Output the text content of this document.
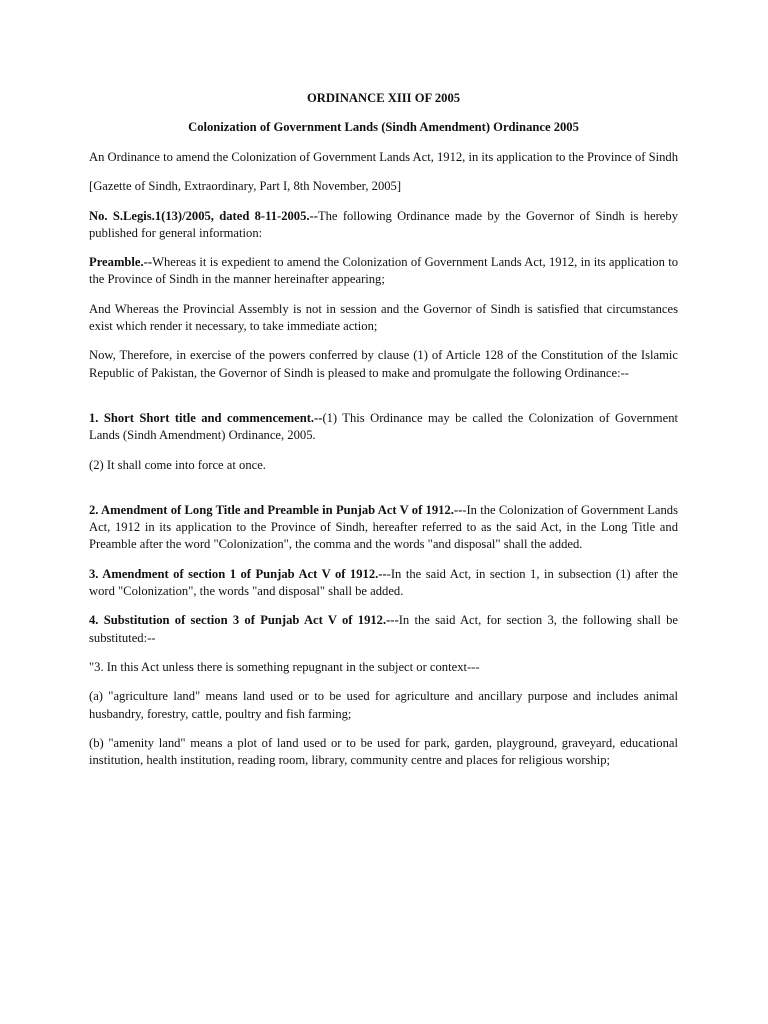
ORDINANCE XIII OF 2005
Colonization of Government Lands (Sindh Amendment) Ordinance 2005

An Ordinance to amend the Colonization of Government Lands Act, 1912, in its application to the Province of Sindh

[Gazette of Sindh, Extraordinary, Part I, 8th November, 2005]

No. S.Legis.1(13)/2005, dated 8-11-2005.--The following Ordinance made by the Governor of Sindh is hereby published for general information:

Preamble.--Whereas it is expedient to amend the Colonization of Government Lands Act, 1912, in its application to the Province of Sindh in the manner hereinafter appearing;

And Whereas the Provincial Assembly is not in session and the Governor of Sindh is satisfied that circumstances exist which render it necessary, to take immediate action;

Now, Therefore, in exercise of the powers conferred by clause (1) of Article 128 of the Constitution of the Islamic Republic of Pakistan, the Governor of Sindh is pleased to make and promulgate the following Ordinance:--

1. Short Short title and commencement.--(1) This Ordinance may be called the Colonization of Government Lands (Sindh Amendment) Ordinance, 2005.

(2) It shall come into force at once.

2. Amendment of Long Title and Preamble in Punjab Act V of 1912.---In the Colonization of Government Lands Act, 1912 in its application to the Province of Sindh, hereafter referred to as the said Act, in the Long Title and Preamble after the word "Colonization", the comma and the words "and disposal" shall the added.

3. Amendment of section 1 of Punjab Act V of 1912.---In the said Act, in section 1, in subsection (1) after the word "Colonization", the words "and disposal" shall be added.

4. Substitution of section 3 of Punjab Act V of 1912.---In the said Act, for section 3, the following shall be substituted:--

"3. In this Act unless there is something repugnant in the subject or context---

(a) "agriculture land" means land used or to be used for agriculture and ancillary purpose and includes animal husbandry, forestry, cattle, poultry and fish farming;

(b) "amenity land" means a plot of land used or to be used for park, garden, playground, graveyard, educational institution, health institution, reading room, library, community centre and places for religious worship;
